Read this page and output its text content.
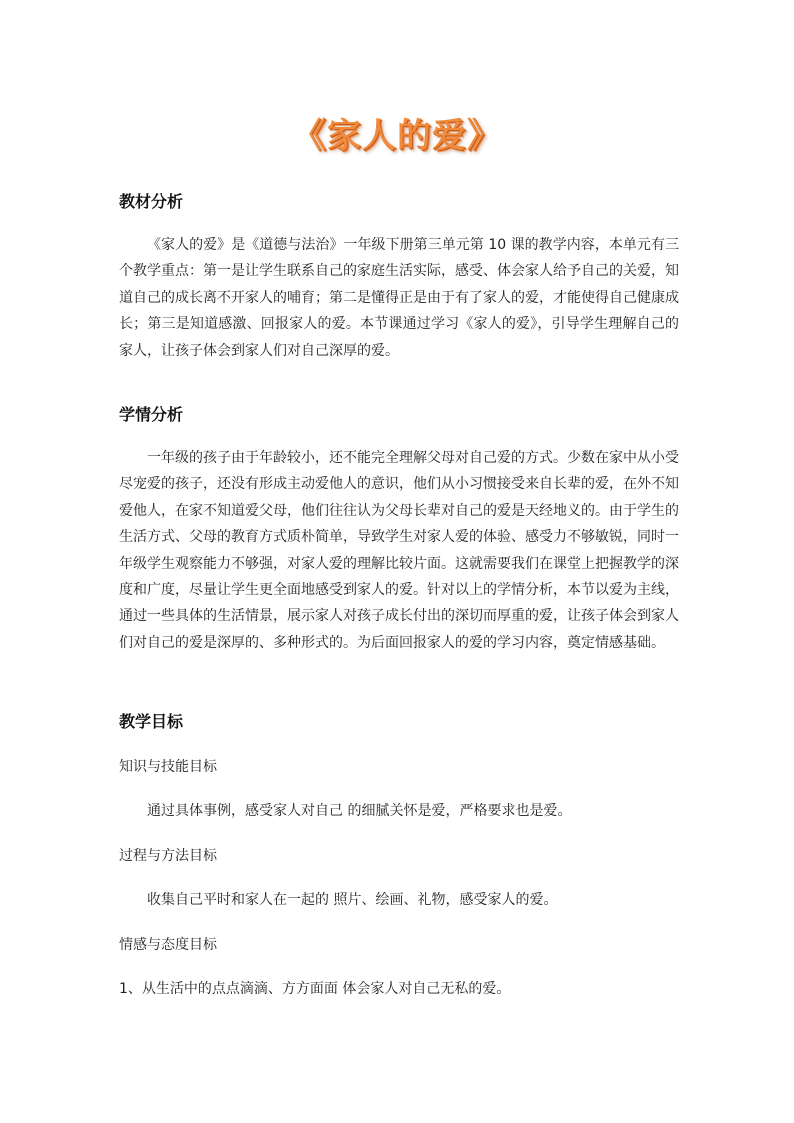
《家人的爱》
教材分析

《家人的爱》是《道德与法治》一年级下册第三单元第 10 课的教学内容，本单元有三个教学重点：第一是让学生联系自己的家庭生活实际，感受、体会家人给予自己的关爱，知道自己的成长离不开家人的哺育；第二是懂得正是由于有了家人的爱，才能使得自己健康成长；第三是知道感激、回报家人的爱。本节课通过学习《家人的爱》，引导学生理解自己的家人，让孩子体会到家人们对自己深厚的爱。

学情分析

一年级的孩子由于年龄较小，还不能完全理解父母对自己爱的方式。少数在家中从小受尽宠爱的孩子，还没有形成主动爱他人的意识，他们从小习惯接受来自长辈的爱，在外不知爱他人，在家不知道爱父母，他们往往认为父母长辈对自己的爱是天经地义的。由于学生的生活方式、父母的教育方式质朴简单，导致学生对家人爱的体验、感受力不够敏锐，同时一年级学生观察能力不够强，对家人爱的理解比较片面。这就需要我们在课堂上把握教学的深度和广度，尽量让学生更全面地感受到家人的爱。针对以上的学情分析，本节以爱为主线，通过一些具体的生活情景，展示家人对孩子成长付出的深切而厚重的爱，让孩子体会到家人们对自己的爱是深厚的、多种形式的。为后面回报家人的爱的学习内容，奠定情感基础。

教学目标
知识与技能目标
通过具体事例，感受家人对自己 的细腻关怀是爱，严格要求也是爱。
过程与方法目标
收集自己平时和家人在一起的 照片、绘画、礼物，感受家人的爱。
情感与态度目标
1、从生活中的点点滴滴、方方面面 体会家人对自己无私的爱。
